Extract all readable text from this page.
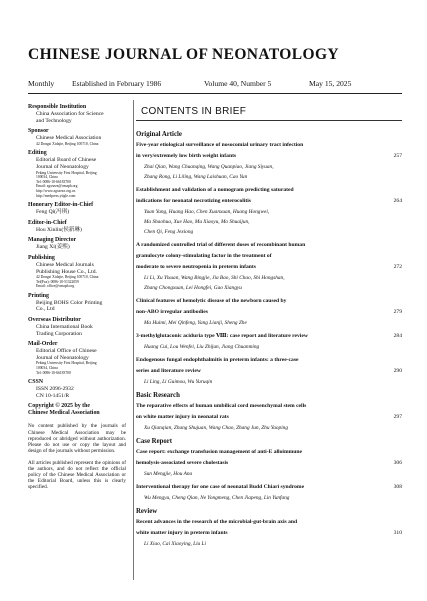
CHINESE JOURNAL OF NEONATOLOGY
Monthly Established in February 1986	Volume 40, Number 5	May 15, 2025
Responsible Institution
China Association for Science
and Technology
Sponsor
Chinese Medical Association
42 Dongsi Xidajie, Beijing 100710, China
Editing
Editorial Board of Chinese
Journal of Neonatology
Peking University First Hospital, Beijing
100034, China
Tel: 0086-10-66183700
Email: zgxsezz@cmaph.org
http://www.zgxsezz.org.cn
http://medpress.yiigle.com
Honorary Editor-in-Chief
Feng Qi(冯琪)
Editor-in-Chief
Hou Xinlin(侯新琳)
Managing Director
Jiang Xi(姜熙)
Publishing
Chinese Medical Journals
Publishing House Co., Ltd.
42 Dongsi Xidajie, Beijing 100710, China
Tel(Fax): 0086-10-51322059
Email: office@cmaph.org
Printing
Beijing BOHS Color Printing
Co., Ltd
Overseas Distributor
China International Book
Trading Corporation
Mail-Order
Editorial Office of Chinese
Journal of Neonatology
Peking University First Hospital, Beijing
100034, China
Tel: 0086-10-66183700
CSSN
ISSN 2096-2932
CN 10-1451/R
Copyright © 2025 by the
Chinese Medical Association
No content published by the journals of Chinese Medical Association may be reproduced or abridged without authorization. Please do not use or copy the layout and design of the journals without permission.
All articles published represent the opinions of the authors, and do not reflect the official policy of the Chinese Medical Association or the Editorial Board, unless this is clearly specified.
CONTENTS IN BRIEF
Original Article
Five-year etiological surveillance of nosocomial urinary tract infection
in very/extremely low birth weight infants	257
Zhai Qian, Wang Chuanqing, Wang Quanpiao, Jiang Siyuan,
Zhang Rong, Li Liling, Wang Laishuan, Cao Yun
Establishment and validation of a nomogram predicting saturated
indications for neonatal necrotizing enterocolitis	264
Yuan Yang, Huang Hao, Chen Xuanxuan, Huang Hongwei,
Ma Shaohua, Xue Hao, Mu Xiaoyu, Mo Shuaijun,
Chen Qi, Feng Jexiong
A randomized controlled trial of different doses of recombinant human
granulocyte colony-stimulating factor in the treatment of
moderate to severe neutropenia in preterm infants	272
Li Li, Xu Yixuan, Wang Bingjie, Jia Bao, Shi Chao, Shi Hongshan,
Zhang Chongxuan, Lei Hongfei, Gao Xiangyu
Clinical features of hemolytic disease of the newborn caused by
non-ABO irregular antibodies	279
Ma Huimi, Mei Qinfeng, Yang Lianji, Sheng Zhe
3-methylglutaconic aciduria type Ⅷ: case report and literature review	284
Huang Cui, Lou Wenfei, Liu Zhijun, Jiang Chuanming
Endogenous fungal endophthalmitis in preterm infants: a three-case
series and literature review	290
Li Ling, Li Guimou, Wu Yuruqin
Basic Research
The reparative effects of human umbilical cord mesenchymal stem cells
on white matter injury in neonatal rats	297
Xu Qianqian, Zhang Shujuan, Wang Chao, Zhang Jun, Zhu Yaoping
Case Report
Case report: exchange transfusion management of anti-E alloimmune
hemolysis-associated severe cholestasis	306
Sun Mengjie, Hou Ana
Interventional therapy for one case of neonatal Budd Chiari syndrome	308
Wu Mengyu, Cheng Qian, Ne Yongmeng, Chen Jiapeng, Lin Yunfang
Review
Recent advances in the research of the microbial-gut-brain axis and
white matter injury in preterm infants	310
Li Xiao, Cai Xiaoying, Liu Li
